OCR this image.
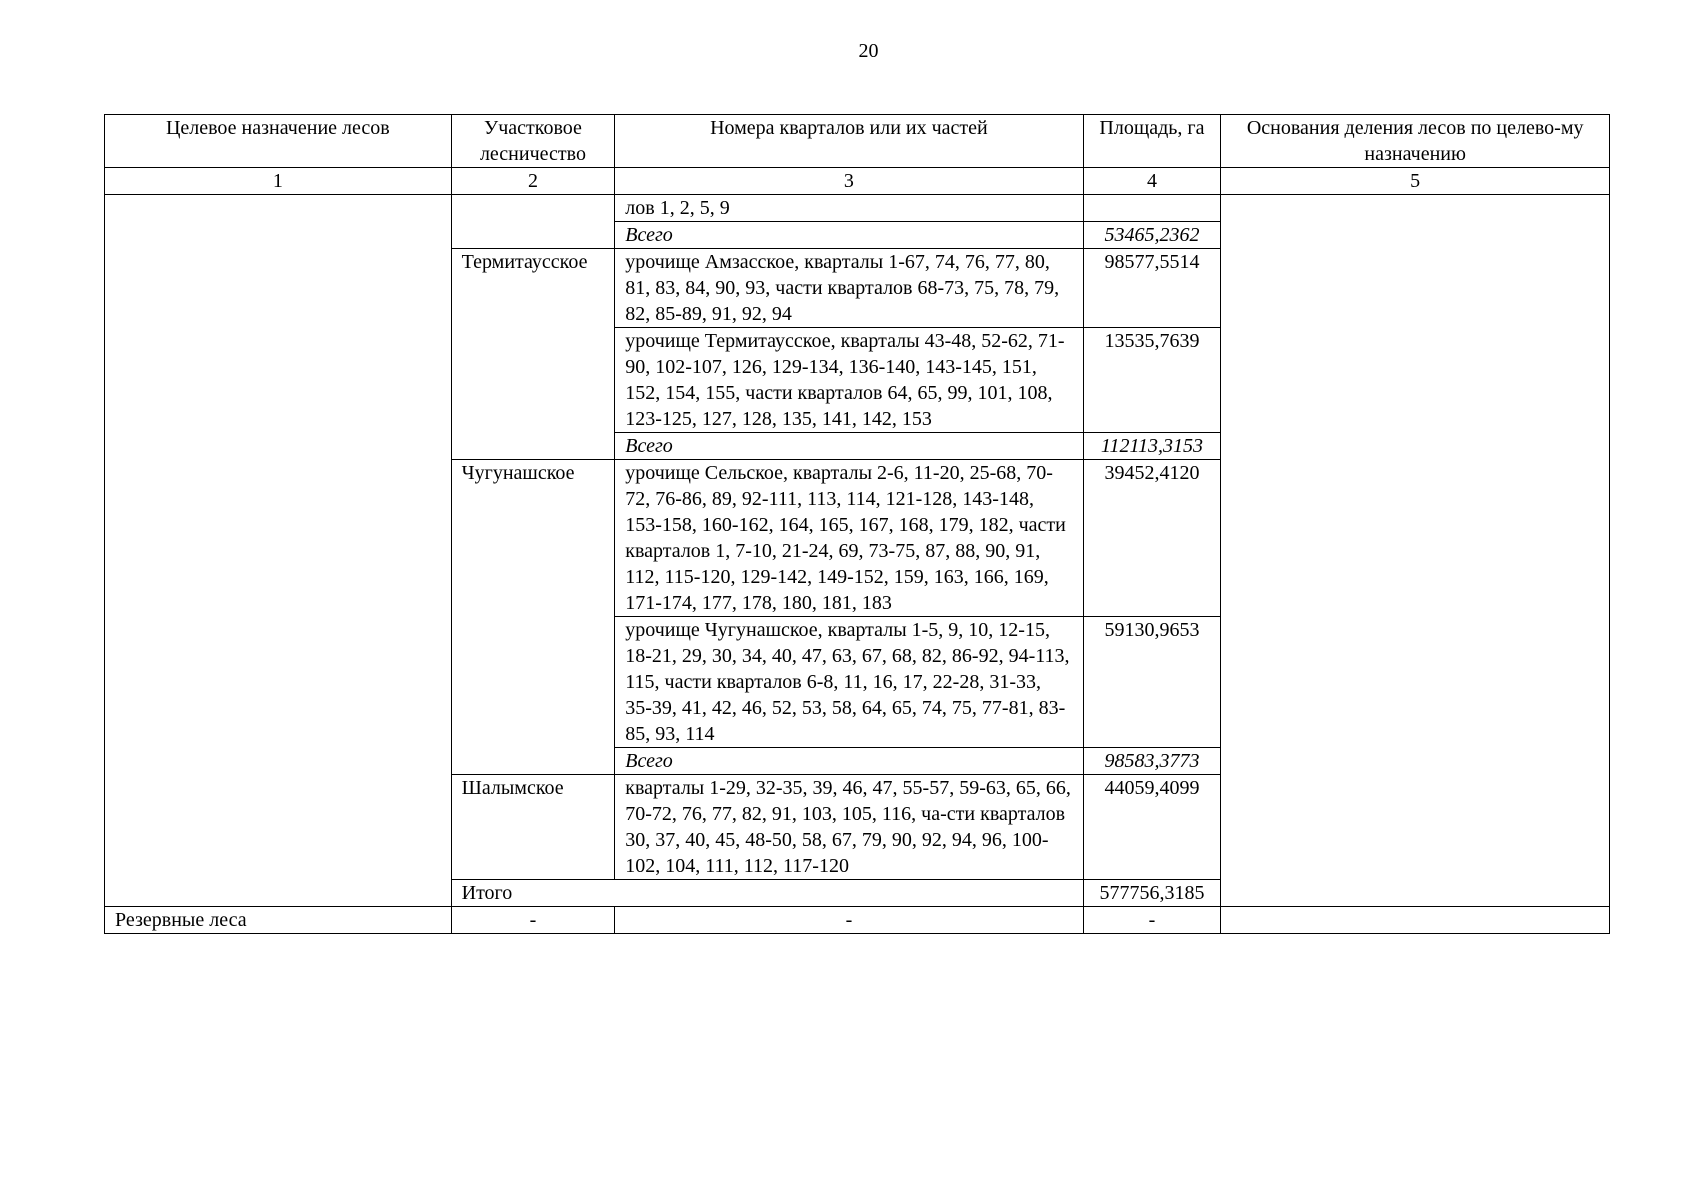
20
Целевое назначение лесов	Участковое лесничество	Номера кварталов или их частей	Площадь, га	Основания деления лесов по целево-му назначению
1	2	3	4	5
		лов 1, 2, 5, 9		
		Всего	53465,2362	
	Термитаусское	урочище Амзасское, кварталы 1-67, 74, 76, 77, 80, 81, 83, 84, 90, 93, части кварталов 68-73, 75, 78, 79, 82, 85-89, 91, 92, 94	98577,5514	
		урочище Термитаусское, кварталы 43-48, 52-62, 71-90, 102-107, 126, 129-134, 136-140, 143-145, 151, 152, 154, 155, части кварталов 64, 65, 99, 101, 108, 123-125, 127, 128, 135, 141, 142, 153	13535,7639	
		Всего	112113,3153	
	Чугунашское	урочище Сельское, кварталы 2-6, 11-20, 25-68, 70-72, 76-86, 89, 92-111, 113, 114, 121-128, 143-148, 153-158, 160-162, 164, 165, 167, 168, 179, 182, части кварталов 1, 7-10, 21-24, 69, 73-75, 87, 88, 90, 91, 112, 115-120, 129-142, 149-152, 159, 163, 166, 169, 171-174, 177, 178, 180, 181, 183	39452,4120	
		урочище Чугунашское, кварталы 1-5, 9, 10, 12-15, 18-21, 29, 30, 34, 40, 47, 63, 67, 68, 82, 86-92, 94-113, 115, части кварталов 6-8, 11, 16, 17, 22-28, 31-33, 35-39, 41, 42, 46, 52, 53, 58, 64, 65, 74, 75, 77-81, 83-85, 93, 114	59130,9653	
		Всего	98583,3773	
	Шалымское	кварталы 1-29, 32-35, 39, 46, 47, 55-57, 59-63, 65, 66, 70-72, 76, 77, 82, 91, 103, 105, 116, ча-сти кварталов 30, 37, 40, 45, 48-50, 58, 67, 79, 90, 92, 94, 96, 100-102, 104, 111, 112, 117-120	44059,4099	
	Итого		577756,3185	
Резервные леса	-	-	-	
